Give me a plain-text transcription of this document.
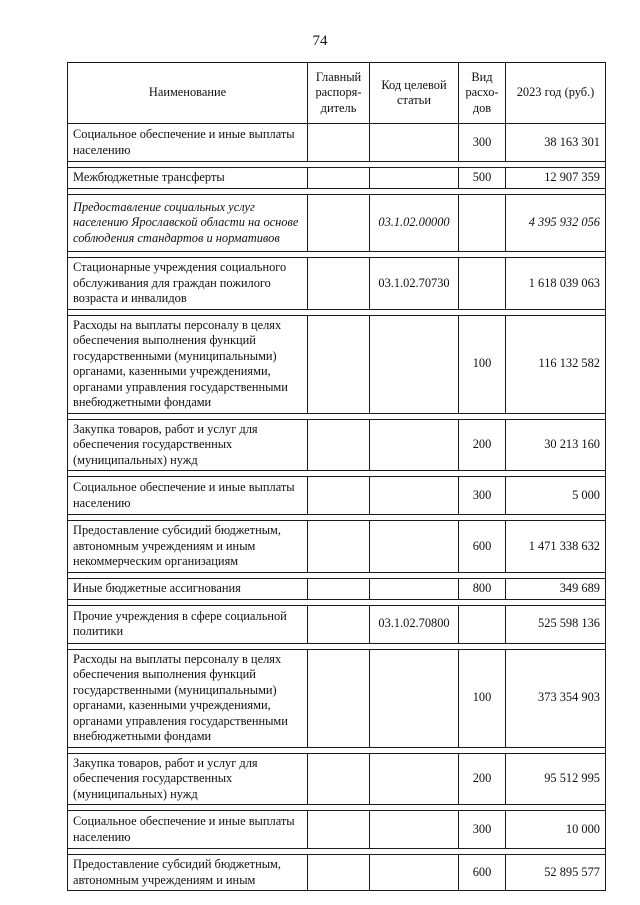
74
Наименование	Главный распоря-дитель	Код целевой статьи	Вид расхо-дов	2023 год (руб.)
Социальное обеспечение и иные выплаты населению			300	38 163 301

Межбюджетные трансферты			500	12 907 359

Предоставление социальных услуг населению Ярославской области на основе соблюдения стандартов и нормативов		03.1.02.00000		4 395 932 056

Стационарные учреждения социального обслуживания для граждан пожилого возраста и инвалидов		03.1.02.70730		1 618 039 063

Расходы на выплаты персоналу в целях обеспечения выполнения функций государственными (муниципальными) органами, казенными учреждениями, органами управления государственными внебюджетными фондами			100	116 132 582

Закупка товаров, работ и услуг для обеспечения государственных (муниципальных) нужд			200	30 213 160

Социальное обеспечение и иные выплаты населению			300	5 000

Предоставление субсидий бюджетным, автономным учреждениям и иным некоммерческим организациям			600	1 471 338 632

Иные бюджетные ассигнования			800	349 689

Прочие учреждения в сфере социальной политики		03.1.02.70800		525 598 136

Расходы на выплаты персоналу в целях обеспечения выполнения функций государственными (муниципальными) органами, казенными учреждениями, органами управления государственными внебюджетными фондами			100	373 354 903

Закупка товаров, работ и услуг для обеспечения государственных (муниципальных) нужд			200	95 512 995

Социальное обеспечение и иные выплаты населению			300	10 000

Предоставление субсидий бюджетным, автономным учреждениям и иным			600	52 895 577
